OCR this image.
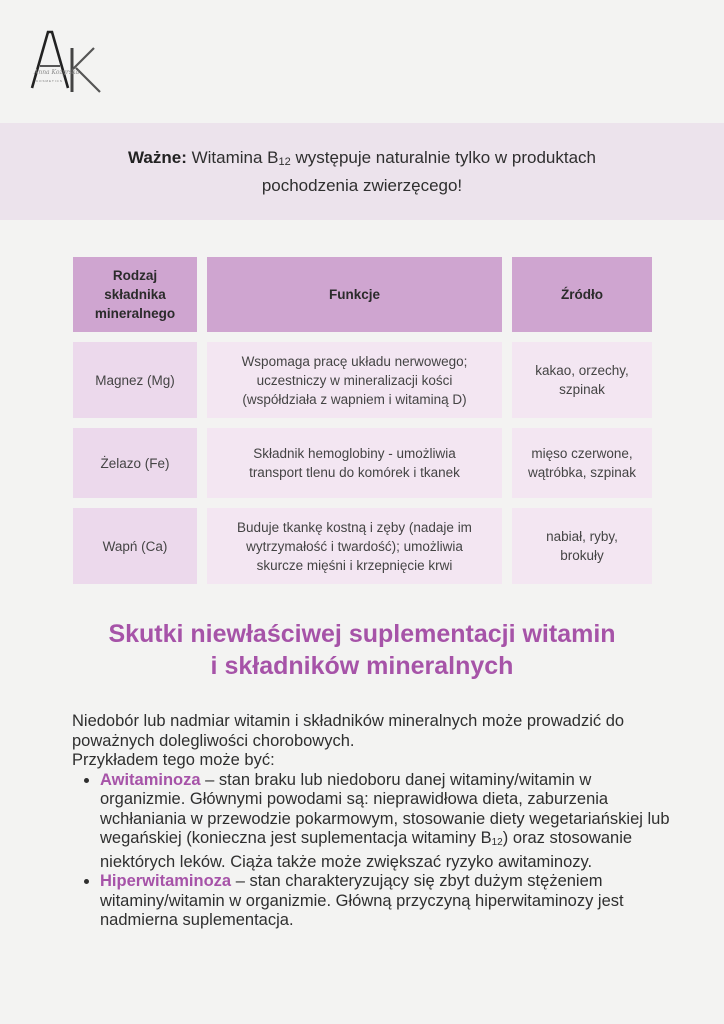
Anna Kozyrska
COSMETICS

Ważne: Witamina $B_{12}$ występuje naturalnie tylko w produktach
pochodzenia zwierzęcego!

Rodzaj składnika mineralnego
Funkcje	Źródło
Magnez (Mg)
Wspomaga pracę układu nerwowego; uczestniczy w mineralizacji kości (współdziała z wapniem i witaminą D)
kakao, orzechy, szpinak
Żelazo (Fe)
Składnik hemoglobiny - umożliwia transport tlenu do komórek i tkanek
mięso czerwone, wątróbka, szpinak
Wapń (Ca)
Buduje tkankę kostną i zęby (nadaje im wytrzymałość i twardość); umożliwia skurcze mięśni i krzepnięcie krwi
nabiał, ryby, brokuły
Skutki niewłaściwej suplementacji witamin
i składników mineralnych

Niedobór lub nadmiar witamin i składników mineralnych może prowadzić do poważnych dolegliwości chorobowych.

Przykładem tego może być:

• Awitaminoza – stan braku lub niedoboru danej witaminy/witamin w organizmie. Głównymi powodami są: nieprawidłowa dieta, zaburzenia wchłaniania w przewodzie pokarmowym, stosowanie diety wegetariańskiej lub wegańskiej (konieczna jest suplementacja witaminy $B_{12}$) oraz stosowanie niektórych leków. Ciąża także może zwiększać ryzyko awitaminozy.
• Hiperwitaminoza – stan charakteryzujący się zbyt dużym stężeniem witaminy/witamin w organizmie. Główną przyczyną hiperwitaminozy jest nadmierna suplementacja.
